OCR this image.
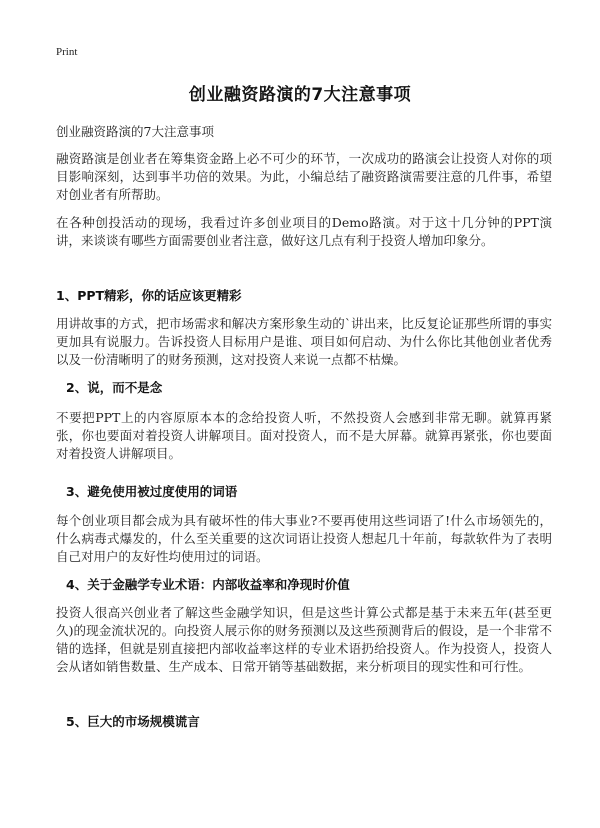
Print
创业融资路演的7大注意事项
创业融资路演的7大注意事项

融资路演是创业者在筹集资金路上必不可少的环节，一次成功的路演会让投资人对你的项目影响深刻，达到事半功倍的效果。为此，小编总结了融资路演需要注意的几件事，希望对创业者有所帮助。

在各种创投活动的现场，我看过许多创业项目的Demo路演。对于这十几分钟的PPT演讲，来谈谈有哪些方面需要创业者注意，做好这几点有利于投资人增加印象分。

1、PPT精彩，你的话应该更精彩

用讲故事的方式，把市场需求和解决方案形象生动的`讲出来，比反复论证那些所谓的事实更加具有说服力。告诉投资人目标用户是谁、项目如何启动、为什么你比其他创业者优秀以及一份清晰明了的财务预测，这对投资人来说一点都不枯燥。

2、说，而不是念

不要把PPT上的内容原原本本的念给投资人听，不然投资人会感到非常无聊。就算再紧张，你也要面对着投资人讲解项目。面对投资人，而不是大屏幕。就算再紧张，你也要面对着投资人讲解项目。

3、避免使用被过度使用的词语

每个创业项目都会成为具有破坏性的伟大事业?不要再使用这些词语了!什么市场领先的，什么病毒式爆发的，什么至关重要的这次词语让投资人想起几十年前，每款软件为了表明自己对用户的友好性均使用过的词语。

4、关于金融学专业术语：内部收益率和净现时价值

投资人很高兴创业者了解这些金融学知识，但是这些计算公式都是基于未来五年(甚至更久)的现金流状况的。向投资人展示你的财务预测以及这些预测背后的假设，是一个非常不错的选择，但就是别直接把内部收益率这样的专业术语扔给投资人。作为投资人，投资人会从诸如销售数量、生产成本、日常开销等基础数据，来分析项目的现实性和可行性。

5、巨大的市场规模谎言
